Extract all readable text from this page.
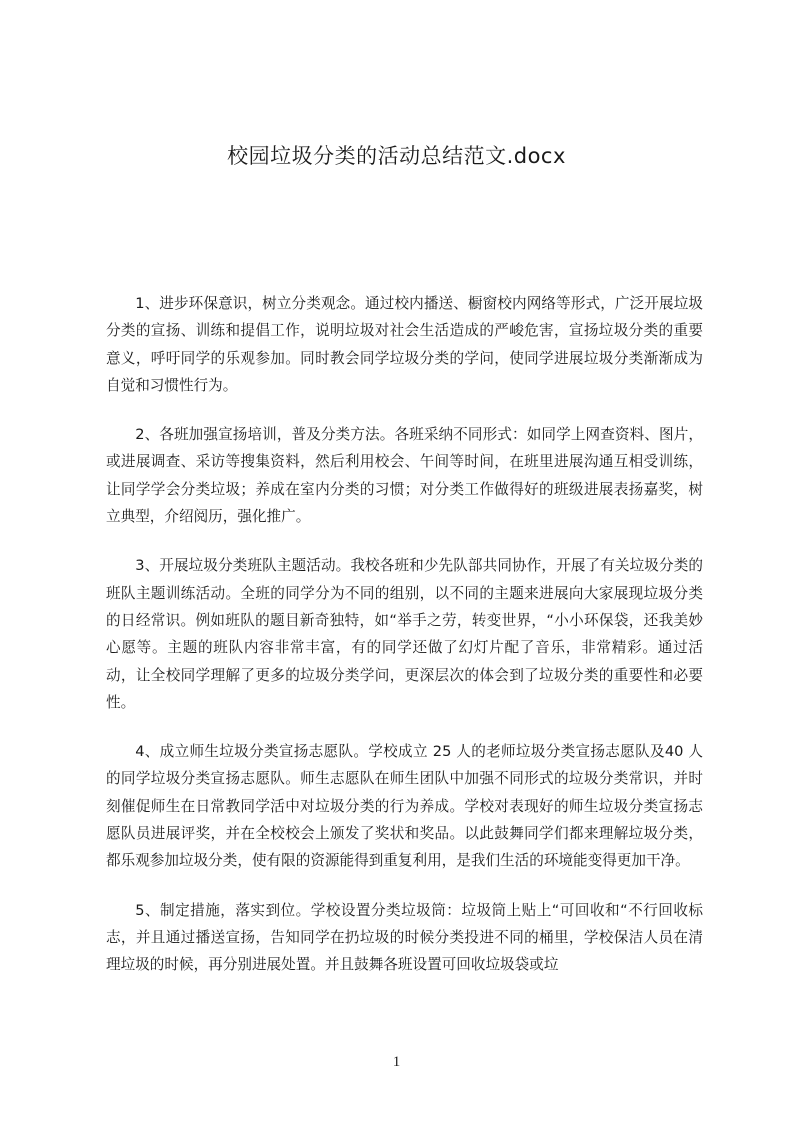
校园垃圾分类的活动总结范文.docx

1、进步环保意识，树立分类观念。通过校内播送、橱窗校内网络等形式，广泛开展垃圾分类的宣扬、训练和提倡工作，说明垃圾对社会生活造成的严峻危害，宣扬垃圾分类的重要意义，呼吁同学的乐观参加。同时教会同学垃圾分类的学问，使同学进展垃圾分类渐渐成为自觉和习惯性行为。

2、各班加强宣扬培训，普及分类方法。各班采纳不同形式：如同学上网查资料、图片，或进展调查、采访等搜集资料，然后利用校会、午间等时间，在班里进展沟通互相受训练，让同学学会分类垃圾；养成在室内分类的习惯；对分类工作做得好的班级进展表扬嘉奖，树立典型，介绍阅历，强化推广。

3、开展垃圾分类班队主题活动。我校各班和少先队部共同协作，开展了有关垃圾分类的班队主题训练活动。全班的同学分为不同的组别，以不同的主题来进展向大家展现垃圾分类的日经常识。例如班队的题目新奇独特，如“举手之劳，转变世界，“小小环保袋，还我美妙心愿等。主题的班队内容非常丰富，有的同学还做了幻灯片配了音乐，非常精彩。通过活动，让全校同学理解了更多的垃圾分类学问，更深层次的体会到了垃圾分类的重要性和必要性。

4、成立师生垃圾分类宣扬志愿队。学校成立 25 人的老师垃圾分类宣扬志愿队及40 人的同学垃圾分类宣扬志愿队。师生志愿队在师生团队中加强不同形式的垃圾分类常识，并时刻催促师生在日常教同学活中对垃圾分类的行为养成。学校对表现好的师生垃圾分类宣扬志愿队员进展评奖，并在全校校会上颁发了奖状和奖品。以此鼓舞同学们都来理解垃圾分类，都乐观参加垃圾分类，使有限的资源能得到重复利用，是我们生活的环境能变得更加干净。

5、制定措施，落实到位。学校设置分类垃圾筒：垃圾筒上贴上“可回收和“不行回收标志，并且通过播送宣扬，告知同学在扔垃圾的时候分类投进不同的桶里，学校保洁人员在清理垃圾的时候，再分别进展处置。并且鼓舞各班设置可回收垃圾袋或垃

1
